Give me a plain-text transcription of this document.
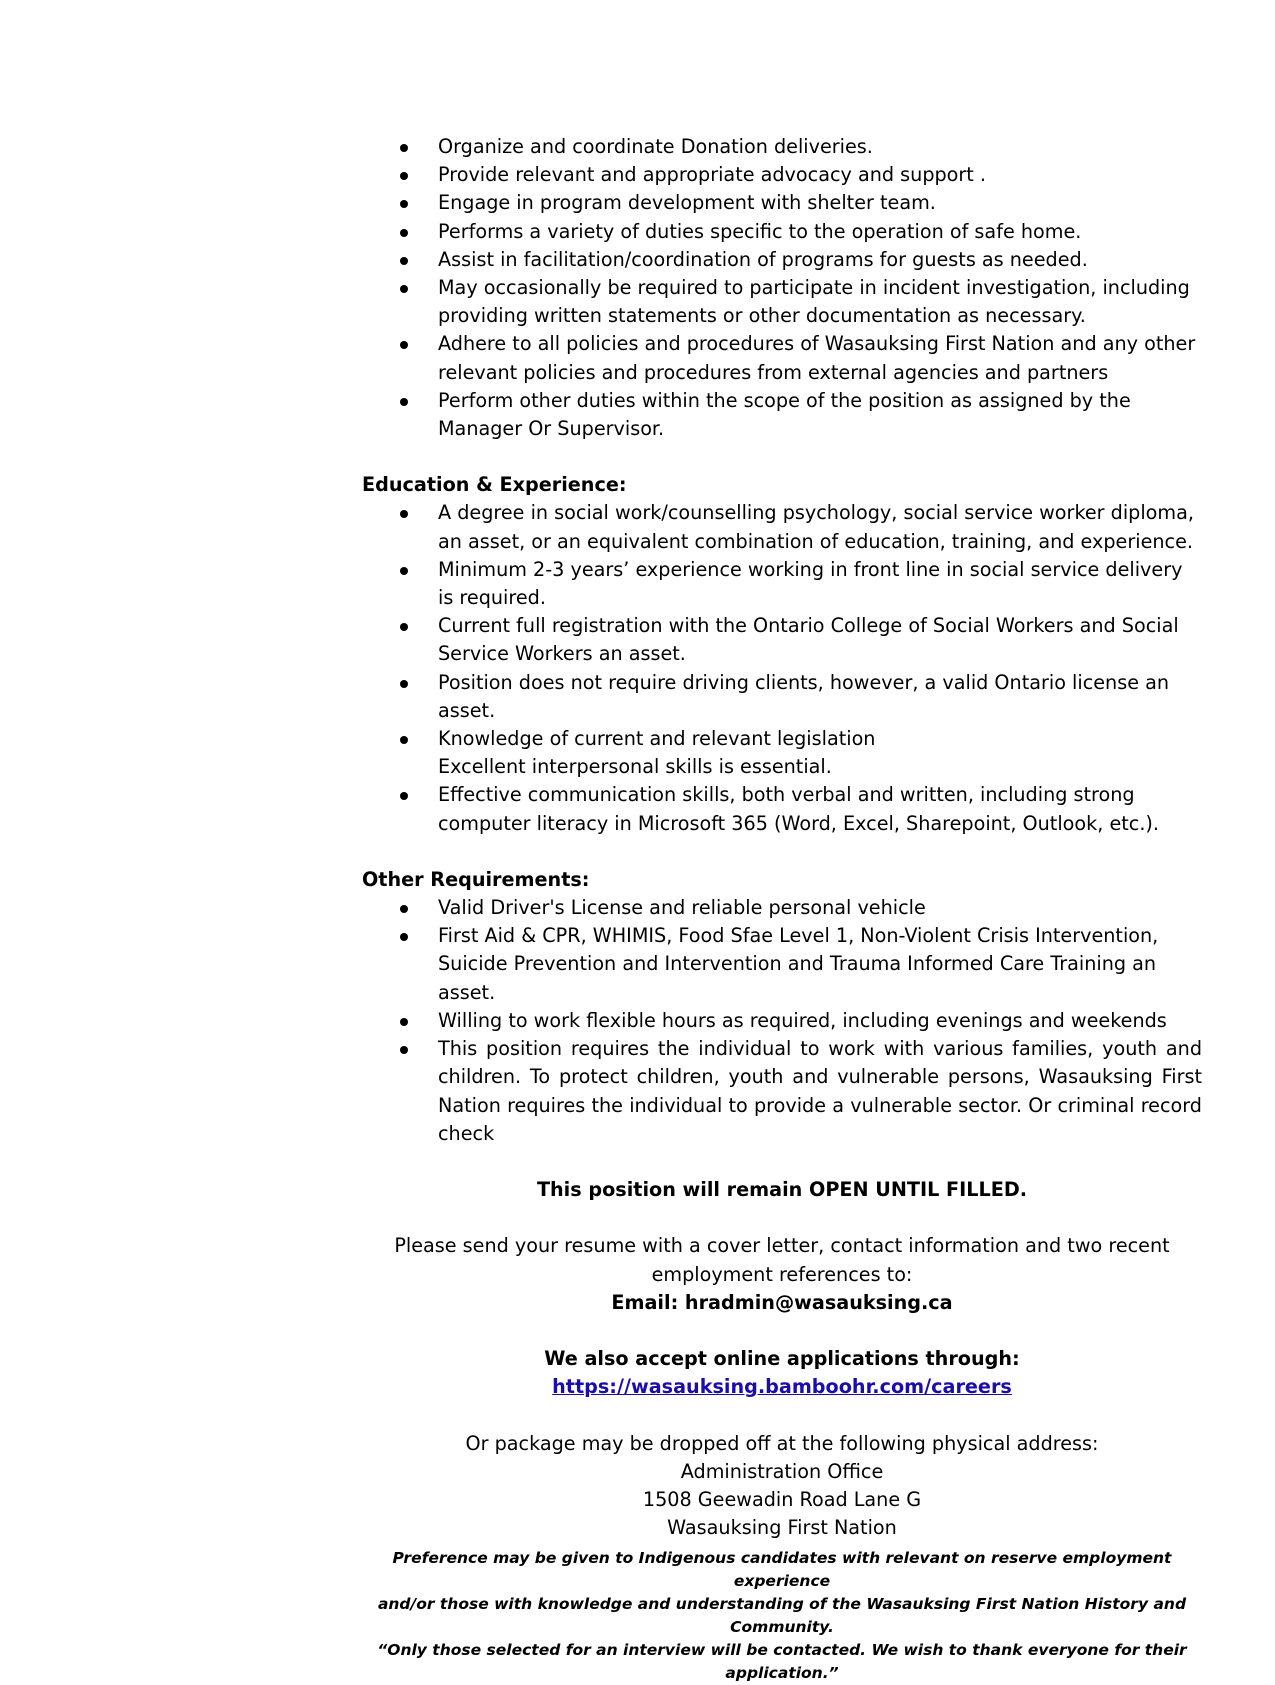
Organize and coordinate Donation deliveries.
Provide relevant and appropriate advocacy and support .
Engage in program development with shelter team.
Performs a variety of duties specific to the operation of safe home.
Assist in facilitation/coordination of programs for guests as needed.
May occasionally be required to participate in incident investigation, including providing written statements or other documentation as necessary.
Adhere to all policies and procedures of Wasauksing First Nation and any other relevant policies and procedures from external agencies and partners
Perform other duties within the scope of the position as assigned by the Manager Or Supervisor.

Education & Experience:

A degree in social work/counselling psychology, social service worker diploma, an asset, or an equivalent combination of education, training, and experience.
Minimum 2-3 years’ experience working in front line in social service delivery is required.
Current full registration with the Ontario College of Social Workers and Social Service Workers an asset.
Position does not require driving clients, however, a valid Ontario license an asset.
Knowledge of current and relevant legislation
Excellent interpersonal skills is essential.
Effective communication skills, both verbal and written, including strong computer literacy in Microsoft 365 (Word, Excel, Sharepoint, Outlook, etc.).

Other Requirements:

Valid Driver's License and reliable personal vehicle
First Aid & CPR, WHIMIS, Food Sfae Level 1, Non-Violent Crisis Intervention, Suicide Prevention and Intervention and Trauma Informed Care Training an asset.
Willing to work flexible hours as required, including evenings and weekends
This position requires the individual to work with various families, youth and children. To protect children, youth and vulnerable persons, Wasauksing First Nation requires the individual to provide a vulnerable sector. Or criminal record check

This position will remain OPEN UNTIL FILLED.

Please send your resume with a cover letter, contact information and two recent

employment references to:

Email: hradmin@wasauksing.ca

We also accept online applications through:

https://wasauksing.bamboohr.com/careers

Or package may be dropped off at the following physical address:

Administration Office

1508 Geewadin Road Lane G

Wasauksing First Nation

Preference may be given to Indigenous candidates with relevant on reserve employment experience

and/or those with knowledge and understanding of the Wasauksing First Nation History and Community.

“Only those selected for an interview will be contacted. We wish to thank everyone for their application.”
